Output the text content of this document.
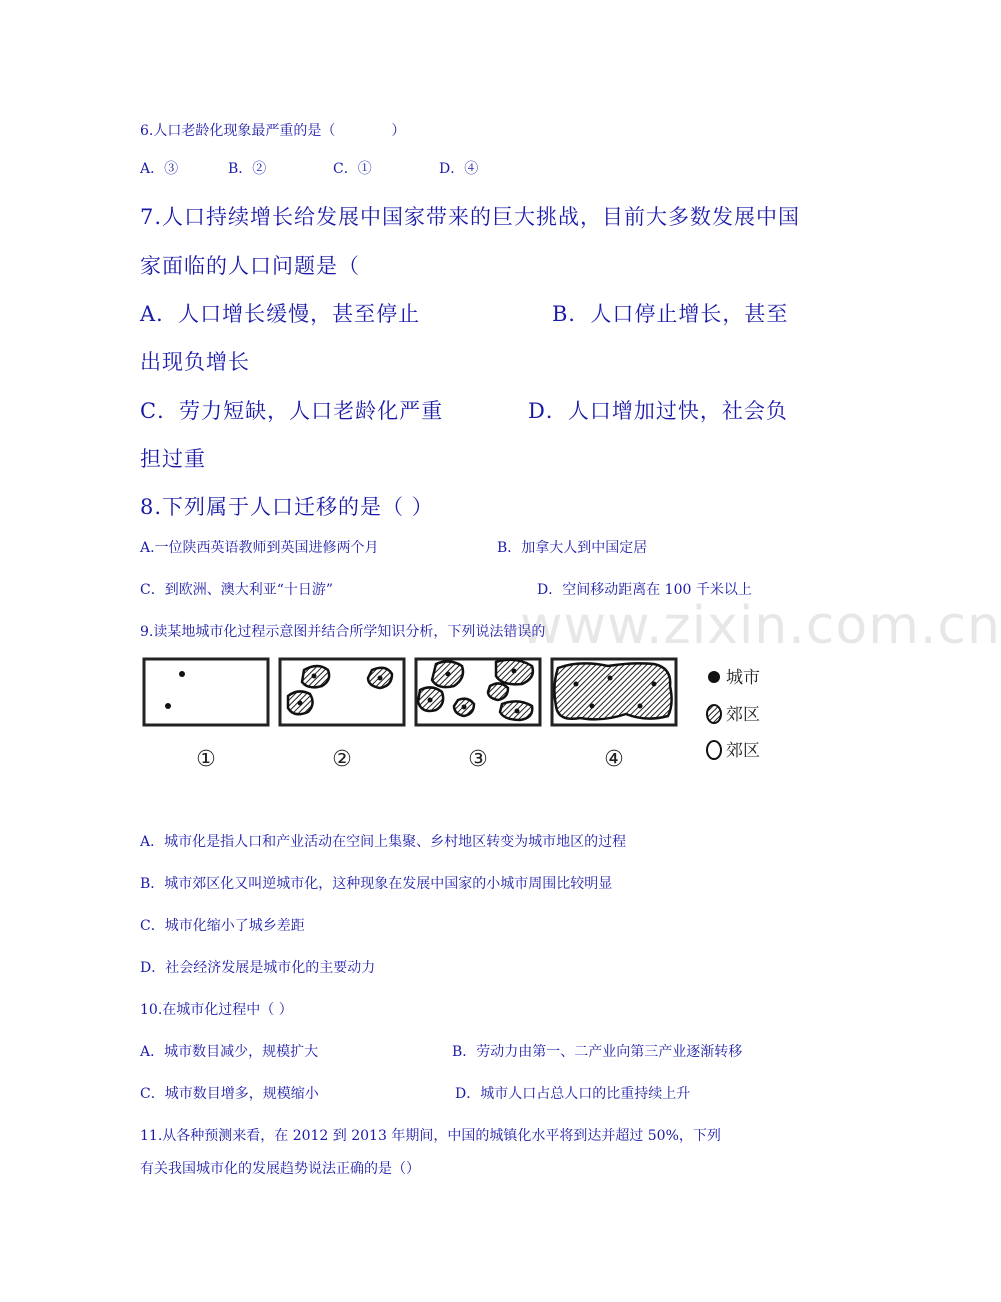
6.人口老龄化现象最严重的是（　　　　）
A．③	B．②	C．①	D．④
7.人口持续增长给发展中国家带来的巨大挑战，目前大多数发展中国
家面临的人口问题是（
A．人口增长缓慢，甚至停止	B．人口停止增长，甚至
出现负增长
C．劳力短缺，人口老龄化严重	D．人口增加过快，社会负
担过重
8.下列属于人口迁移的是（ ）
A.一位陕西英语教师到英国进修两个月	B．加拿大人到中国定居
C．到欧洲、澳大利亚“十日游”	D．空间移动距离在 100 千米以上
9.读某地城市化过程示意图并结合所学知识分析，下列说法错误的
www.zixin.com.cn
①	②	③	④
城市
郊区
郊区
A．城市化是指人口和产业活动在空间上集聚、乡村地区转变为城市地区的过程
B．城市郊区化又叫逆城市化，这种现象在发展中国家的小城市周围比较明显
C．城市化缩小了城乡差距
D．社会经济发展是城市化的主要动力
10.在城市化过程中（ ）
A．城市数目减少，规模扩大	B．劳动力由第一、二产业向第三产业逐渐转移
C．城市数目增多，规模缩小	D．城市人口占总人口的比重持续上升
11.从各种预测来看，在 2012 到 2013 年期间，中国的城镇化水平将到达并超过 50%，下列
有关我国城市化的发展趋势说法正确的是（）
